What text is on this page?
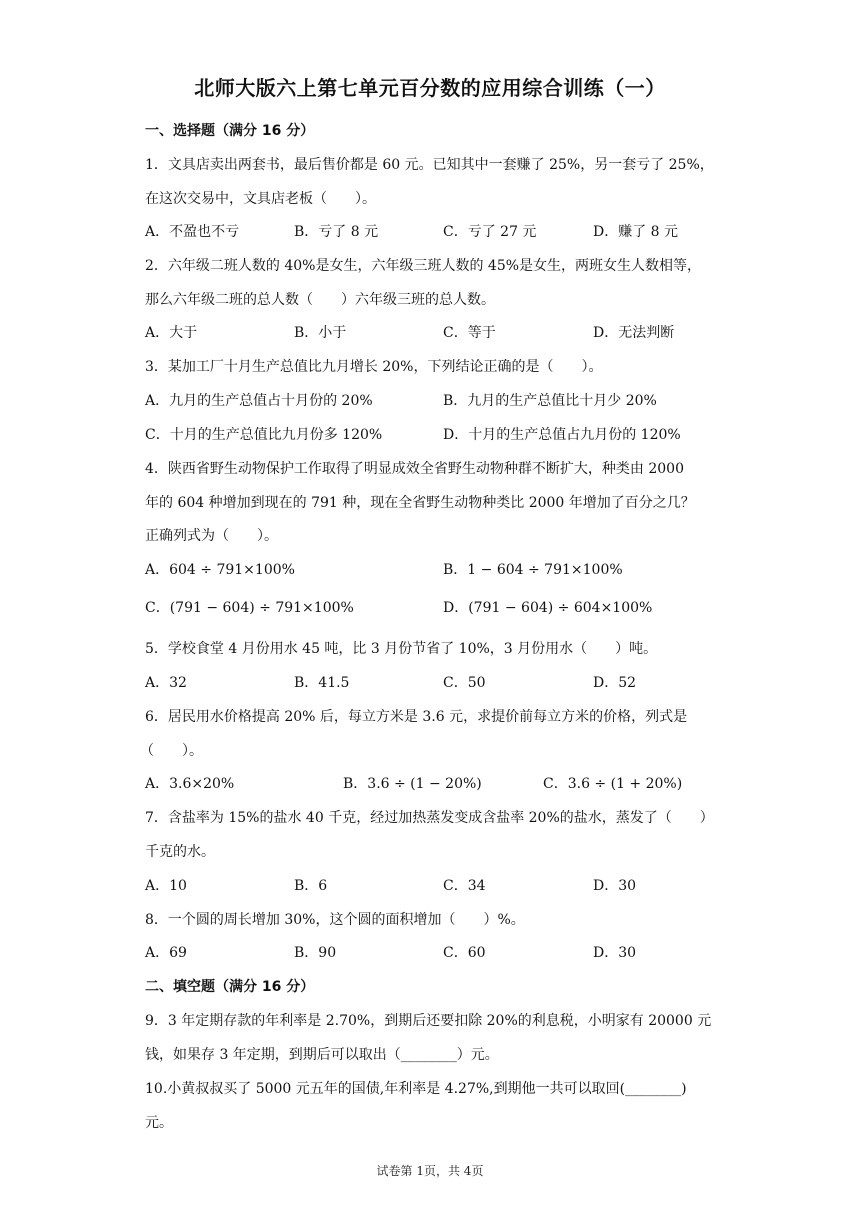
北师大版六上第七单元百分数的应用综合训练（一）
一、选择题（满分 16 分）
1．文具店卖出两套书，最后售价都是 60 元。已知其中一套赚了 25%，另一套亏了 25%，
在这次交易中，文具店老板（　　）。
A．不盈也不亏	B．亏了 8 元	C．亏了 27 元	D．赚了 8 元
2．六年级二班人数的 40%是女生，六年级三班人数的 45%是女生，两班女生人数相等，
那么六年级二班的总人数（　　）六年级三班的总人数。
A．大于	B．小于	C．等于	D．无法判断
3．某加工厂十月生产总值比九月增长 20%，下列结论正确的是（　　）。
A．九月的生产总值占十月份的 20%	B．九月的生产总值比十月少 20%
C．十月的生产总值比九月份多 120%	D．十月的生产总值占九月份的 120%
4．陕西省野生动物保护工作取得了明显成效全省野生动物种群不断扩大，种类由 2000
年的 604 种增加到现在的 791 种，现在全省野生动物种类比 2000 年增加了百分之几？
正确列式为（　　）。
A．604 ÷ 791×100%	B．1 − 604 ÷ 791×100%
C．(791 − 604) ÷ 791×100%	D．(791 − 604) ÷ 604×100%
5．学校食堂 4 月份用水 45 吨，比 3 月份节省了 10%，3 月份用水（　　）吨。
A．32	B．41.5	C．50	D．52
6．居民用水价格提高 20% 后，每立方米是 3.6 元，求提价前每立方米的价格，列式是
（　　）。
A．3.6×20%	B．3.6 ÷ (1 − 20%)	C．3.6 ÷ (1 + 20%)
7．含盐率为 15%的盐水 40 千克，经过加热蒸发变成含盐率 20%的盐水，蒸发了（　　）
千克的水。
A．10	B．6	C．34	D．30
8．一个圆的周长增加 30%，这个圆的面积增加（　　）%。
A．69	B．90	C．60	D．30
二、填空题（满分 16 分）
9．3 年定期存款的年利率是 2.70%，到期后还要扣除 20%的利息税，小明家有 20000 元
钱，如果存 3 年定期，到期后可以取出（________）元。
10.小黄叔叔买了 5000 元五年的国债,年利率是 4.27%,到期他一共可以取回(________)
元。
试卷第 1页，共 4页
